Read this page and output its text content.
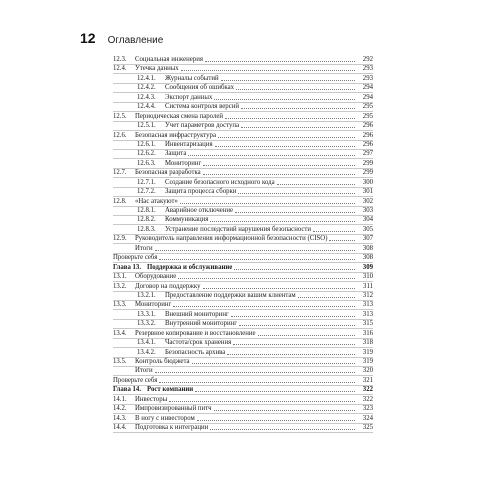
12 Оглавление
12.3. Социальная инженерия	292
12.4. Утечка данных	293
12.4.1. Журналы событий	293
12.4.2. Сообщения об ошибках	294
12.4.3. Экспорт данных	294
12.4.4. Система контроля версий	295
12.5. Периодическая смена паролей	295
12.5.1. Учет параметров доступа	296
12.6. Безопасная инфраструктура	296
12.6.1. Инвентаризация	296
12.6.2. Защита	297
12.6.3. Мониторинг	299
12.7. Безопасная разработка	299
12.7.1. Создание безопасного исходного кода	300
12.7.2. Защита процесса сборки	301
12.8. «Нас атакуют»	302
12.8.1. Аварийное отключение	303
12.8.2. Коммуникация	304
12.8.3. Устранение последствий нарушения безопасности	305
12.9. Руководитель направления информационной безопасности (CISO)	307
Итоги	308
Проверьте себя	308
Глава 13. Поддержка и обслуживание	309
13.1. Оборудование	310
13.2. Договор на поддержку	311
13.2.1. Предоставление поддержки вашим клиентам	312
13.3. Мониторинг	313
13.3.1. Внешний мониторинг	313
13.3.2. Внутренний мониторинг	315
13.4. Резервное копирование и восстановление	316
13.4.1. Частота/срок хранения	318
13.4.2. Безопасность архива	319
13.5. Контроль бюджета	319
Итоги	320
Проверьте себя	321
Глава 14. Рост компании	322
14.1. Инвесторы	322
14.2. Импровизированный питч	323
14.3. В ногу с инвестором	324
14.4. Подготовка к интеграции	325
